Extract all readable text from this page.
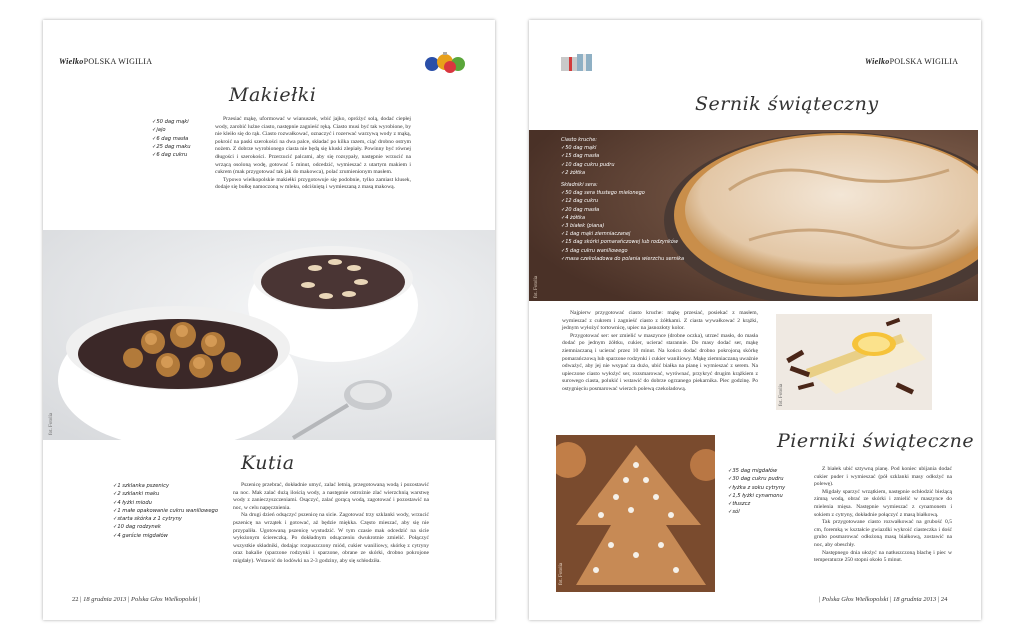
WielkoPOLSKA WIGILIA
Makiełki
✓ 50 dag mąki
✓ jajo
✓ 6 dag masła
✓ 25 dag maku
✓ 6 dag cukru

Przesiać mąkę, uformować w wianuszek, wbić jajko, opróżyć solą, dodać ciepłej wody, zarobić luźne ciasto, następnie zagnieść ręką. Ciasto musi być tak wyrobione, by nie kleiło się do rąk. Ciasto rozwałkować, oznaczyć i rozerwać warzywą wody z mąką, pokroić na paski szerokości na dwa palce, składać po kilka razem, ciąć drobno ostrym nożem. Z dobrze wyrobionego ciasta nie będą się kluski zlepiały. Powinny być równej długości i szerokości. Przerzucić palcami, aby się rozsypały, następnie wrzucić na wrzącą osoloną wodę, gotować 5 minut, odcedzić, wymieszać z utartym makiem i cukrem (mak przygotować tak jak do makowca), polać zrumienionym masłem.

Typowo wielkopolskie makiełki przygotowuje się podobnie, tylko zamiast klusek, dodaje się bułkę namoczoną w mleku, odciśniętą i wymieszaną z masą makową.

fot. Fotolia
Kutia
✓ 1 szklanka pszenicy
✓ 2 szklanki maku
✓ 4 łyżki miodu
✓ 1 małe opakowanie cukru waniliowego
✓ starta skórka z 1 cytryny
✓ 10 dag rodzynek
✓ 4 garście migdałów

Pszenicę przebrać, dokładnie umyć, zalać letnią, przegotowaną wodą i pozostawić na noc. Mak zalać dużą ilością wody, a następnie ostrożnie zlać wierzchnią warstwę wody z zanieczyszczeniami. Osączyć, zalać gorącą wodą, zagotować i pozostawić na noc, w celu napęcznienia.

Na drugi dzień odsączyć pszenicę na sicie. Zagotować trzy szklanki wody, wrzucić pszenicę na wrzątek i gotować, aż będzie miękka. Często mieszać, aby się nie przypaliła. Ugotowaną pszenicę wystudzić. W tym czasie mak odcedzić na sicie wyłożonym ściereczką. Po dokładnym odsączeniu dwukrotnie zmielić. Połączyć wszystkie składniki, dodając rozpuszczony miód, cukier waniliowy, skórkę z cytryny oraz bakalie (sparzone rodzynki i sparzone, obrane ze skórki, drobno pokrojone migdały). Wstawić do lodówki na 2-3 godziny, aby się schłodziła.

22 | 18 grudnia 2013 | Polska Głos Wielkopolski |
WielkoPOLSKA WIGILIA
Sernik świąteczny
Ciasto kruche:
✓ 50 dag mąki
✓ 15 dag masła
✓ 10 dag cukru pudru
✓ 2 żółtka
Składniki sera:
✓ 50 dag sera tłustego mielonego
✓ 12 dag cukru
✓ 20 dag masła
✓ 4 żółtka
✓ 3 białek (piana)
✓ 1 dag mąki ziemniaczanej
✓ 15 dag skórki pomarańczowej lub rodzynków
✓ 5 dag cukru waniliowego
✓ masa czekoladowa do polania wierzchu sernika
fot. Fotolia

Najpierw przygotować ciasto kruche: mąkę przesiać, posiekać z masłem, wymieszać z cukrem i zagnieść ciasto z żółtkami. Z ciasta wywałkować 2 krążki, jednym wyłożyć tortownicę, upiec na jasnozłoty kolor.

Przygotować ser: ser zmielić w maszynce (drobne oczka), utrzeć masło, do masła dodać po jednym żółtku, cukier, ucierać starannie. Do masy dodać ser, mąkę ziemniaczaną i ucierać przez 10 minut. Na końcu dodać drobno pokrojoną skórkę pomarańczową lub sparzone rodzynki i cukier waniliowy. Mąkę ziemniaczaną uważnie odważyć, aby jej nie wsypać za dużo, ubić białka na pianę i wymieszać z serem. Na upieczone ciasto wyłożyć ser, rozsmarować, wyrównać, przykryć drugim krążkiem z surowego ciasta, polukić i wstawić do dobrze ogrzanego piekarnika. Piec godzinę. Po ostygnięciu posmarować wierzch polewą czekoladową.	fot. Fotolia
Pierniki świąteczne
fot. Fotolia
✓ 35 dag migdałów
✓ 30 dag cukru pudru
✓ łyżka z soku cytryny
✓ 1,5 łyżki cynamonu
✓ tłuszcz
✓ sól

Z białek ubić sztywną pianę. Pod koniec ubijania dodać cukier puder i wymieszać (pół szklanki masy odłożyć na polewę).

Migdały sparzyć wrzątkiem, następnie ochłodzić bieżącą zimną wodą, obrać ze skórki i zmielić w maszynce do mielenia mięsa. Następnie wymieszać z cynamonem i sokiem z cytryny, dokładnie połączyć z masą białkową.

Tak przygotowane ciasto rozwałkować na grubość 0,5 cm, foremką w kształcie gwiazdki wykroić ciasteczka i dość grubo posmarować odłożoną masą białkową, zostawić na noc, aby obeschły.

Następnego dnia ułożyć na natłuszczoną blachę i piec w temperaturze 250 stopni około 5 minut.

| Polska Głos Wielkopolski | 18 grudnia 2013 | 24
